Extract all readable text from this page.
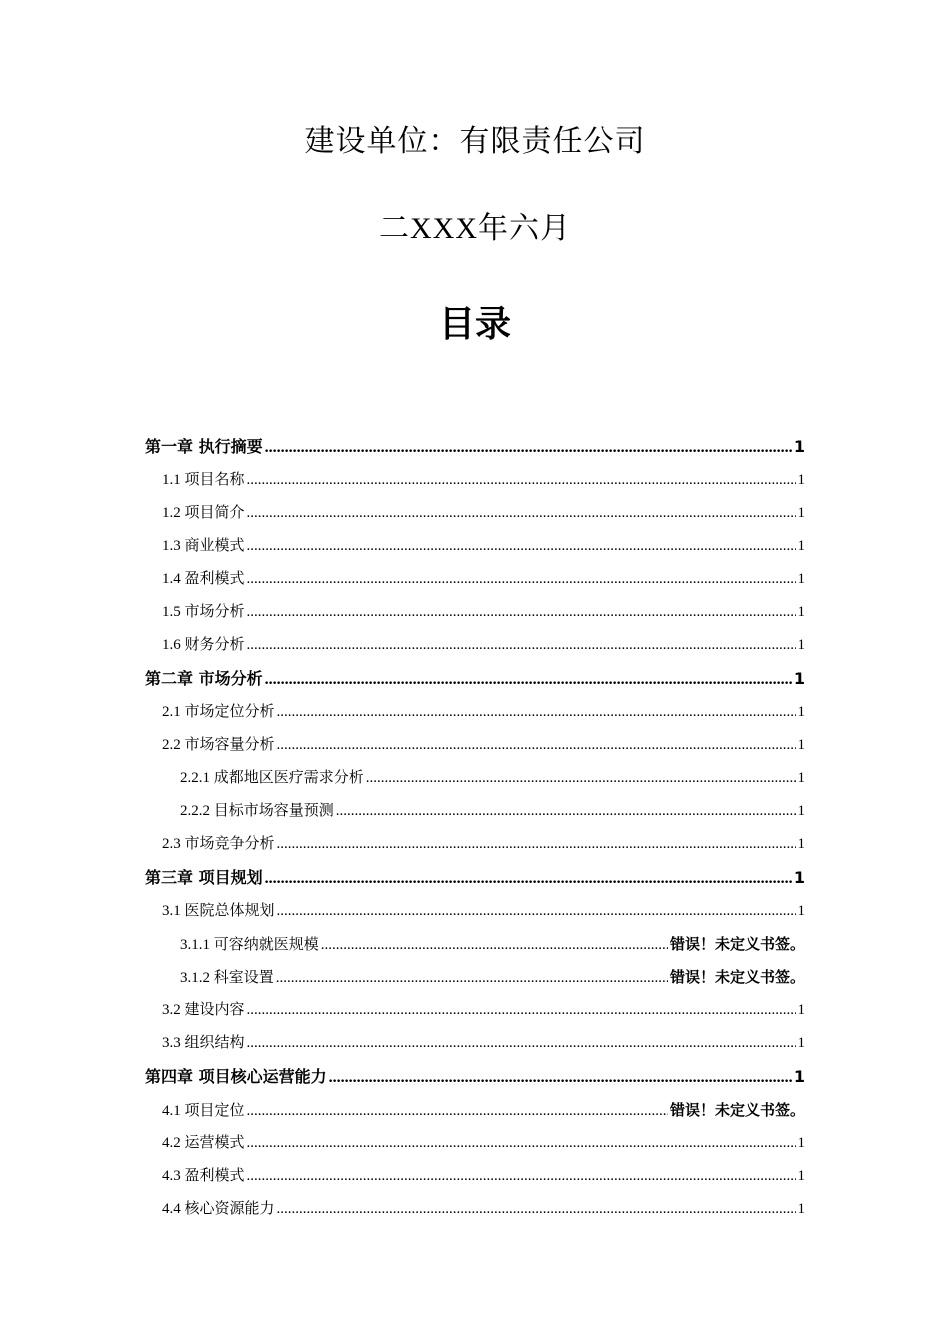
建设单位：有限责任公司
二XXX年六月
目录
第一章 执行摘要 .....	1
1.1 项目名称 .....	1
1.2 项目简介 .....	1
1.3 商业模式 .....	1
1.4 盈利模式 .....	1
1.5 市场分析 .....	1
1.6 财务分析 .....	1
第二章 市场分析 .....	1
2.1 市场定位分析 .....	1
2.2 市场容量分析 .....	1
2.2.1 成都地区医疗需求分析 .....	1
2.2.2 目标市场容量预测 .....	1
2.3 市场竞争分析 .....	1
第三章 项目规划 .....	1
3.1 医院总体规划 .....	1
3.1.1 可容纳就医规模 .....	错误！未定义书签。
3.1.2 科室设置 .....	错误！未定义书签。
3.2 建设内容 .....	1
3.3 组织结构 .....	1
第四章 项目核心运营能力 .....	1
4.1 项目定位 .....	错误！未定义书签。
4.2 运营模式 .....	1
4.3 盈利模式 .....	1
4.4 核心资源能力 .....	1
